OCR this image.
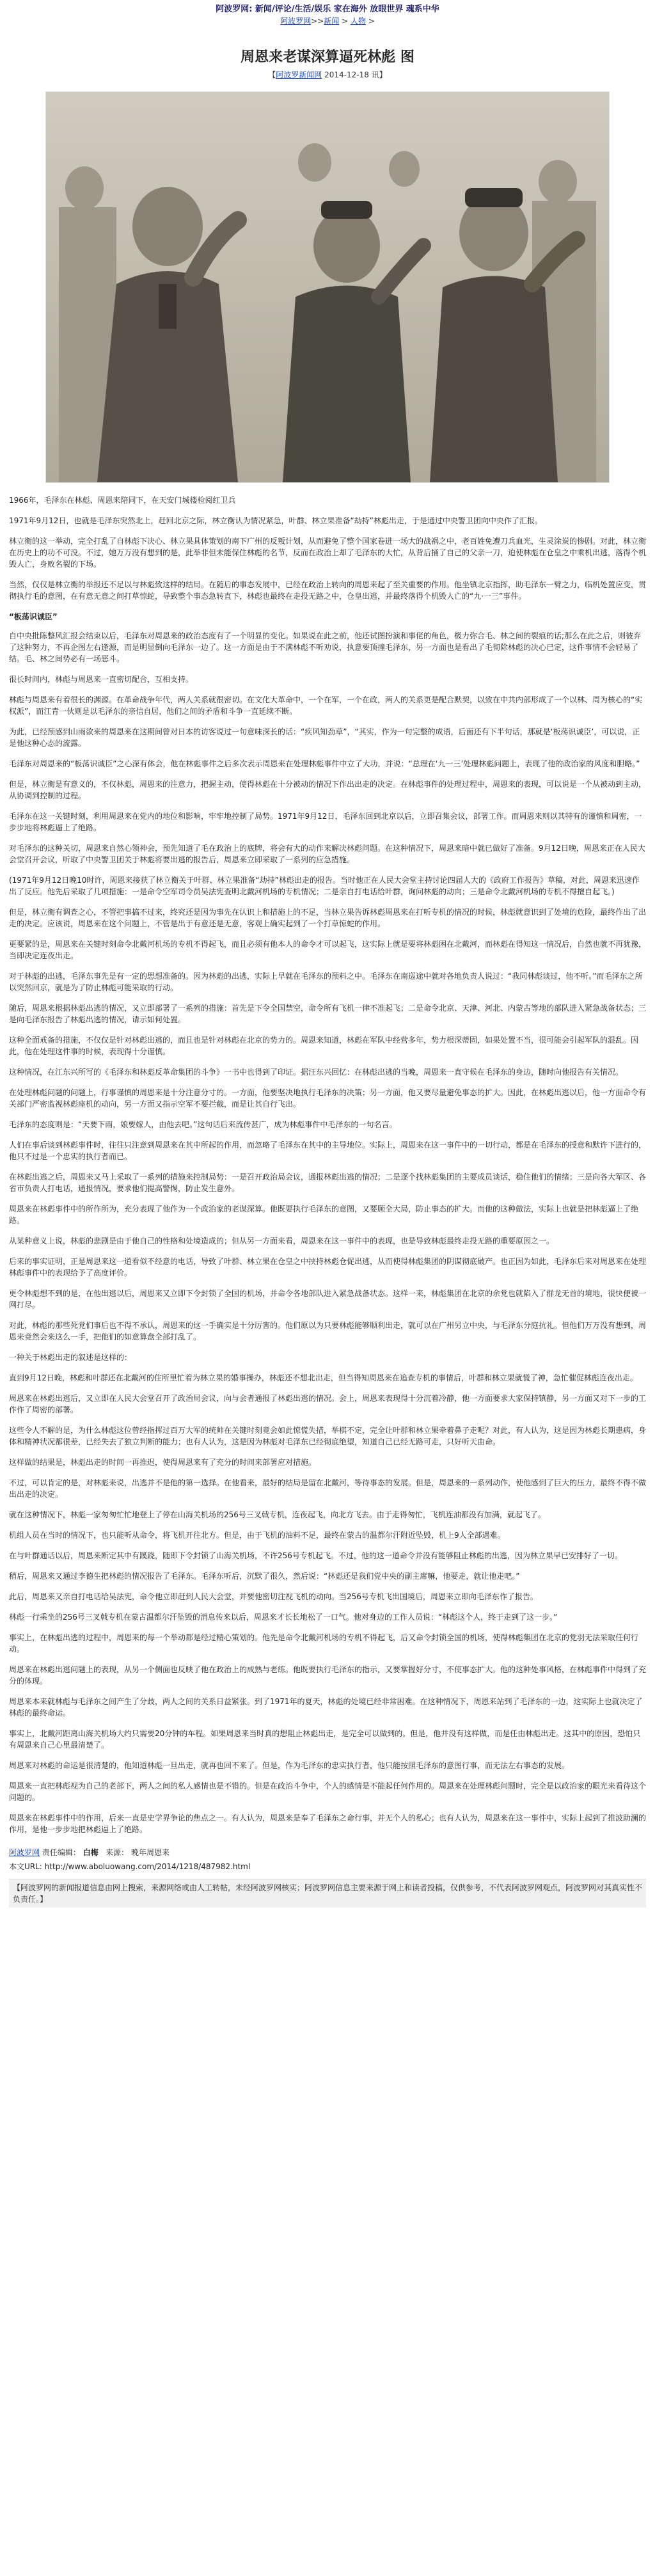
阿波罗网: 新闻/评论/生活/娱乐 家在海外 放眼世界 魂系中华
阿波罗网>>新闻 > 人物 >
周恩来老谋深算逼死林彪 图
【阿波罗新闻网 2014-12-18 讯】
1966年，毛泽东在林彪、周恩来陪同下，在天安门城楼检阅红卫兵

1971年9月12日，也就是毛泽东突然北上，赶回北京之际，林立衡认为情况紧急，叶群、林立果准备“劫持”林彪出走，于是通过中央警卫团向中央作了汇报。

林立衡的这一举动，完全打乱了自林彪下决心、林立果具体策划的南下广州的反叛计划，从而避免了整个国家卷进一场大的战祸之中，老百姓免遭刀兵血光，生灵涂炭的惨剧。对此，林立衡在历史上的功不可没。不过，她万万没有想到的是，此举非但未能保住林彪的名节，反而在政治上却了毛泽东的大忙，从背后捅了自己的父亲一刀，迫使林彪在仓皇之中乘机出逃，落得个机毁人亡，身败名裂的下场。

当然，仅仅是林立衡的举报还不足以与林彪致这样的结局。在随后的事态发展中，已经在政治上转向的周恩来起了至关重要的作用。他坐镇北京指挥，助毛泽东一臂之力，临机处置应变，贯彻执行毛的意图，在有意无意之间打草惊蛇，导致整个事态急转直下，林彪也最终在走投无路之中，仓皇出逃，并最终落得个机毁人亡的“九·一三”事件。

“板荡识诚臣”

自中央批陈整风汇报会结束以后，毛泽东对周恩来的政治态度有了一个明显的变化。如果说在此之前，他还试图扮演和事佬的角色，极力弥合毛、林之间的裂痕的话;那么在此之后，则彼弃了这种努力，不再企图左右逢源，而是明显倒向毛泽东一边了。这一方面是由于不满林彪不听劝说，执意要顶撞毛泽东，另一方面也是看出了毛彻除林彪的决心已定，这件事情不会轻易了结。毛、林之间势必有一场恶斗。

很长时间内，林彪与周恩来一直密切配合，互相支持。

林彪与周恩来有着很长的渊源。在革命战争年代，两人关系就很密切。在文化大革命中，一个在军，一个在政，两人的关系更是配合默契，以致在中共内部形成了一个以林、周为核心的“实权派”，而江青一伙则是以毛泽东的亲信自居，他们之间的矛盾和斗争一直延续不断。

为此，已经预感到山雨欲来的周恩来在这期间曾对日本的访客说过一句意味深长的话：“疾风知劲草”，“其实，作为一句完整的成语，后面还有下半句话，那就是‘板荡识诚臣’，可以说，正是他这种心态的流露。

毛泽东对周恩来的“板荡识诚臣”之心深有体会，他在林彪事件之后多次表示周恩来在处理林彪事件中立了大功，并说：“总理在‘九一三’处理林彪问题上，表现了他的政治家的风度和胆略。”

但是，林立衡是有意义的，不仅林彪，周恩来的注意力，把握主动，使得林彪在十分被动的情况下作出出走的决定。在林彪事件的处理过程中，周恩来的表现，可以说是一个从被动到主动，从协调到控制的过程。

毛泽东在这一关键时刻，利用周恩来在党内的地位和影响，牢牢地控制了局势。1971年9月12日，毛泽东回到北京以后，立即召集会议，部署工作。而周恩来则以其特有的谨慎和周密，一步步地将林彪逼上了绝路。

对毛泽东的这种关切，周恩来自然心领神会，预先知道了毛在政治上的底牌，将会有大的动作来解决林彪问题。在这种情况下，周恩来暗中就已做好了准备。9月12日晚，周恩来正在人民大会堂召开会议，听取了中央警卫团关于林彪将要出逃的报告后，周恩来立即采取了一系列的应急措施。

(1971年9月12日晚10时许，周恩来接获了林立衡关于叶群、林立果准备“劫持”林彪出走的报告。当时他正在人民大会堂主持讨论四届人大的《政府工作报告》草稿，对此，周恩来迅速作出了反应。他先后采取了几项措施：一是命令空军司令员吴法宪查明北戴河机场的专机情况；二是亲自打电话给叶群，询问林彪的动向；三是命令北戴河机场的专机不得擅自起飞。)

但是，林立衡有调查之心，不管把事搞不过来，终究还是因为事先在认识上和措施上的不足，当林立果告诉林彪周恩来在打听专机的情况的时候，林彪就意识到了处境的危险，最终作出了出走的决定。应该说，周恩来在这个问题上，不管是出于有意还是无意，客观上确实起到了一个打草惊蛇的作用。

更要紧的是，周恩来在关键时刻命令北戴河机场的专机不得起飞，而且必须有他本人的命令才可以起飞，这实际上就是要将林彪困在北戴河，而林彪在得知这一情况后，自然也就不再犹豫，当即决定连夜出走。

对于林彪的出逃，毛泽东事先是有一定的思想准备的。因为林彪的出逃，实际上早就在毛泽东的预料之中。毛泽东在南巡途中就对各地负责人说过：“我同林彪谈过，他不听。”而毛泽东之所以突然回京，就是为了防止林彪可能采取的行动。

随后，周恩来根据林彪出逃的情况，又立即部署了一系列的措施：首先是下令全国禁空，命令所有飞机一律不准起飞；二是命令北京、天津、河北、内蒙古等地的部队进入紧急战备状态；三是向毛泽东报告了林彪出逃的情况，请示如何处置。

这种全面戒备的措施，不仅仅是针对林彪出逃的，而且也是针对林彪在北京的势力的。周恩来知道，林彪在军队中经营多年，势力根深蒂固，如果处置不当，很可能会引起军队的混乱。因此，他在处理这件事的时候，表现得十分谨慎。

这种情况，在江东兴所写的《毛泽东和林彪反革命集团的斗争》一书中也得到了印证。据汪东兴回忆：在林彪出逃的当晚，周恩来一直守候在毛泽东的身边，随时向他报告有关情况。

在处理林彪问题的问题上，行事谨慎的周恩来是十分注意分寸的。一方面，他要坚决地执行毛泽东的决策；另一方面，他又要尽量避免事态的扩大。因此，在林彪出逃以后，他一方面命令有关部门严密监视林彪座机的动向，另一方面又指示空军不要拦截，而是让其自行飞出。

毛泽东的态度则是：“天要下雨，娘要嫁人，由他去吧。”这句话后来流传甚广，成为林彪事件中毛泽东的一句名言。

人们在事后谈到林彪事件时，往往只注意到周恩来在其中所起的作用，而忽略了毛泽东在其中的主导地位。实际上，周恩来在这一事件中的一切行动，都是在毛泽东的授意和默许下进行的，他只不过是一个忠实的执行者而已。

在林彪出逃之后，周恩来又马上采取了一系列的措施来控制局势：一是召开政治局会议，通报林彪出逃的情况；二是逐个找林彪集团的主要成员谈话，稳住他们的情绪；三是向各大军区、各省市负责人打电话，通报情况，要求他们提高警惕，防止发生意外。

周恩来在林彪事件中的所作所为，充分表现了他作为一个政治家的老谋深算。他既要执行毛泽东的意图，又要顾全大局，防止事态的扩大。而他的这种做法，实际上也就是把林彪逼上了绝路。

从某种意义上说，林彪的悲剧是由于他自己的性格和处境造成的；但从另一方面来看，周恩来在这一事件中的表现，也是导致林彪最终走投无路的重要原因之一。

后来的事实证明，正是周恩来这一道看似不经意的电话，导致了叶群、林立果在仓皇之中挟持林彪仓促出逃，从而使得林彪集团的阴谋彻底破产。也正因为如此，毛泽东后来对周恩来在处理林彪事件中的表现给予了高度评价。

更令林彪想不到的是，在他出逃以后，周恩来又立即下令封锁了全国的机场，并命令各地部队进入紧急战备状态。这样一来，林彪集团在北京的余党也就陷入了群龙无首的境地，很快便被一网打尽。

对此，林彪的那些死党们事后也不得不承认，周恩来的这一手确实是十分厉害的。他们原以为只要林彪能够顺利出走，就可以在广州另立中央，与毛泽东分庭抗礼。但他们万万没有想到，周恩来竟然会来这么一手，把他们的如意算盘全部打乱了。

一种关于林彪出走的叙述是这样的：

直到9月12日晚，林彪和叶群还在北戴河的住所里忙着为林立果的婚事操办，林彪还不想北出走，但当得知周恩来在追查专机的事情后，叶群和林立果就慌了神，急忙催促林彪连夜出走。

周恩来在林彪出逃后，又立即在人民大会堂召开了政治局会议，向与会者通报了林彪出逃的情况。会上，周恩来表现得十分沉着冷静，他一方面要求大家保持镇静，另一方面又对下一步的工作作了周密的部署。

这些令人不解的是，为什么林彪这位曾经指挥过百万大军的统帅在关键时刻竟会如此惊慌失措，举棋不定，完全让叶群和林立果牵着鼻子走呢？对此，有人认为，这是因为林彪长期患病，身体和精神状况都很差，已经失去了独立判断的能力；也有人认为，这是因为林彪对毛泽东已经彻底绝望，知道自己已经无路可走，只好听天由命。

这样做的结果是，林彪出走的时间一再推迟，使得周恩来有了充分的时间来部署应对措施。

不过，可以肯定的是，对林彪来说，出逃并不是他的第一选择。在他看来，最好的结局是留在北戴河，等待事态的发展。但是，周恩来的一系列动作，使他感到了巨大的压力，最终不得不做出出走的决定。

就在这种情况下，林彪一家匆匆忙忙地登上了停在山海关机场的256号三叉戟专机，连夜起飞，向北方飞去。由于走得匆忙，飞机连油都没有加满，就起飞了。

机组人员在当时的情况下，也只能听从命令，将飞机开往北方。但是，由于飞机的油料不足，最终在蒙古的温都尔汗附近坠毁，机上9人全部遇难。

在与叶群通话以后，周恩来断定其中有蹊跷，随即下令封锁了山海关机场，不许256号专机起飞。不过，他的这一道命令并没有能够阻止林彪的出逃，因为林立果早已安排好了一切。

稍后，周恩来又通过李德生把林彪的情况报告了毛泽东。毛泽东听后，沉默了很久，然后说：“林彪还是我们党中央的副主席嘛，他要走，就让他走吧。”

此后，周恩来又亲自打电话给吴法宪，命令他立即赶到人民大会堂，并要他密切注视飞机的动向。当256号专机飞出国境后，周恩来立即向毛泽东作了报告。

林彪一行乘坐的256号三叉戟专机在蒙古温都尔汗坠毁的消息传来以后，周恩来才长长地松了一口气。他对身边的工作人员说：“林彪这个人，终于走到了这一步。”

事实上，在林彪出逃的过程中，周恩来的每一个举动都是经过精心策划的。他先是命令北戴河机场的专机不得起飞，后又命令封锁全国的机场，使得林彪集团在北京的党羽无法采取任何行动。

周恩来在林彪出逃问题上的表现，从另一个侧面也反映了他在政治上的成熟与老练。他既要执行毛泽东的指示，又要掌握好分寸，不使事态扩大。他的这种处事风格，在林彪事件中得到了充分的体现。

周恩来本来就林彪与毛泽东之间产生了分歧，两人之间的关系日益紧张。到了1971年的夏天，林彪的处境已经非常困难。在这种情况下，周恩来站到了毛泽东的一边，这实际上也就决定了林彪的最终命运。

事实上，北戴河距离山海关机场大约只需要20分钟的车程。如果周恩来当时真的想阻止林彪出走，是完全可以做到的。但是，他并没有这样做，而是任由林彪出走。这其中的原因，恐怕只有周恩来自己心里最清楚了。

周恩来对林彪的命运是很清楚的，他知道林彪一旦出走，就再也回不来了。但是，作为毛泽东的忠实执行者，他只能按照毛泽东的意图行事，而无法左右事态的发展。

周恩来一直把林彪视为自己的老部下，两人之间的私人感情也是不错的。但是在政治斗争中，个人的感情是不能起任何作用的。周恩来在处理林彪问题时，完全是以政治家的眼光来看待这个问题的。

周恩来在林彪事件中的作用，后来一直是史学界争论的焦点之一。有人认为，周恩来是奉了毛泽东之命行事，并无个人的私心；也有人认为，周恩来在这一事件中，实际上起到了推波助澜的作用，是他一步步地把林彪逼上了绝路。

阿波罗网 责任编辑： 白梅 来源： 晚年周恩来
本文URL: http://www.aboluowang.com/2014/1218/487982.html
【阿波罗网的新闻报道信息由网上搜索，来源网络或由人工转帖，未经阿波罗网核实；阿波罗网信息主要来源于网上和读者投稿，仅供参考，不代表阿波罗网观点，阿波罗网对其真实性不负责任。】
